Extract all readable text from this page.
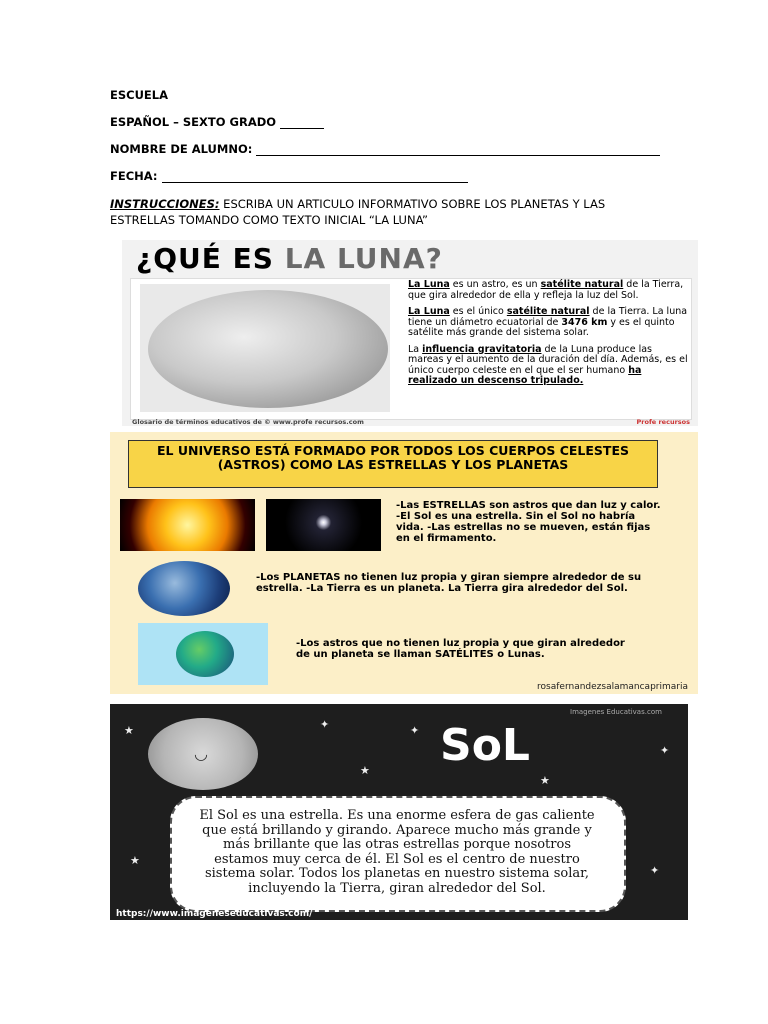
ESCUELA
ESPAÑOL – SEXTO GRADO
NOMBRE DE ALUMNO:
FECHA:
INSTRUCCIONES: ESCRIBA UN ARTICULO INFORMATIVO SOBRE LOS PLANETAS Y LAS ESTRELLAS TOMANDO COMO TEXTO INICIAL “LA LUNA”
¿QUÉ ES LA LUNA?

La Luna es un astro, es un satélite natural de la Tierra, que gira alrededor de ella y refleja la luz del Sol.

La Luna es el único satélite natural de la Tierra. La luna tiene un diámetro ecuatorial de 3476 km y es el quinto satélite más grande del sistema solar.

La influencia gravitatoria de la Luna produce las mareas y el aumento de la duración del día. Además, es el único cuerpo celeste en el que el ser humano ha realizado un descenso tripulado.

Glosario de términos educativos de © www.profe recursos.com	Profe recursos
EL UNIVERSO ESTÁ FORMADO POR TODOS LOS CUERPOS CELESTES (ASTROS) COMO LAS ESTRELLAS Y LOS PLANETAS
-Las ESTRELLAS son astros que dan luz y calor. -El Sol es una estrella. Sin el Sol no habría vida. -Las estrellas no se mueven, están fijas en el firmamento.
-Los PLANETAS no tienen luz propia y giran siempre alrededor de su estrella. -La Tierra es un planeta. La Tierra gira alrededor del Sol.
-Los astros que no tienen luz propia y que giran alrededor de un planeta se llaman SATÉLITES o Lunas.
rosafernandezsalamancaprimaria
★	✦
★
✦
★
✦
★
✦
◡	SoL
Imagenes Educativas.com
El Sol es una estrella. Es una enorme esfera de gas caliente que está brillando y girando. Aparece mucho más grande y más brillante que las otras estrellas porque nosotros estamos muy cerca de él. El Sol es el centro de nuestro sistema solar. Todos los planetas en nuestro sistema solar, incluyendo la Tierra, giran alrededor del Sol.
https://www.imageneseducativas.com/
